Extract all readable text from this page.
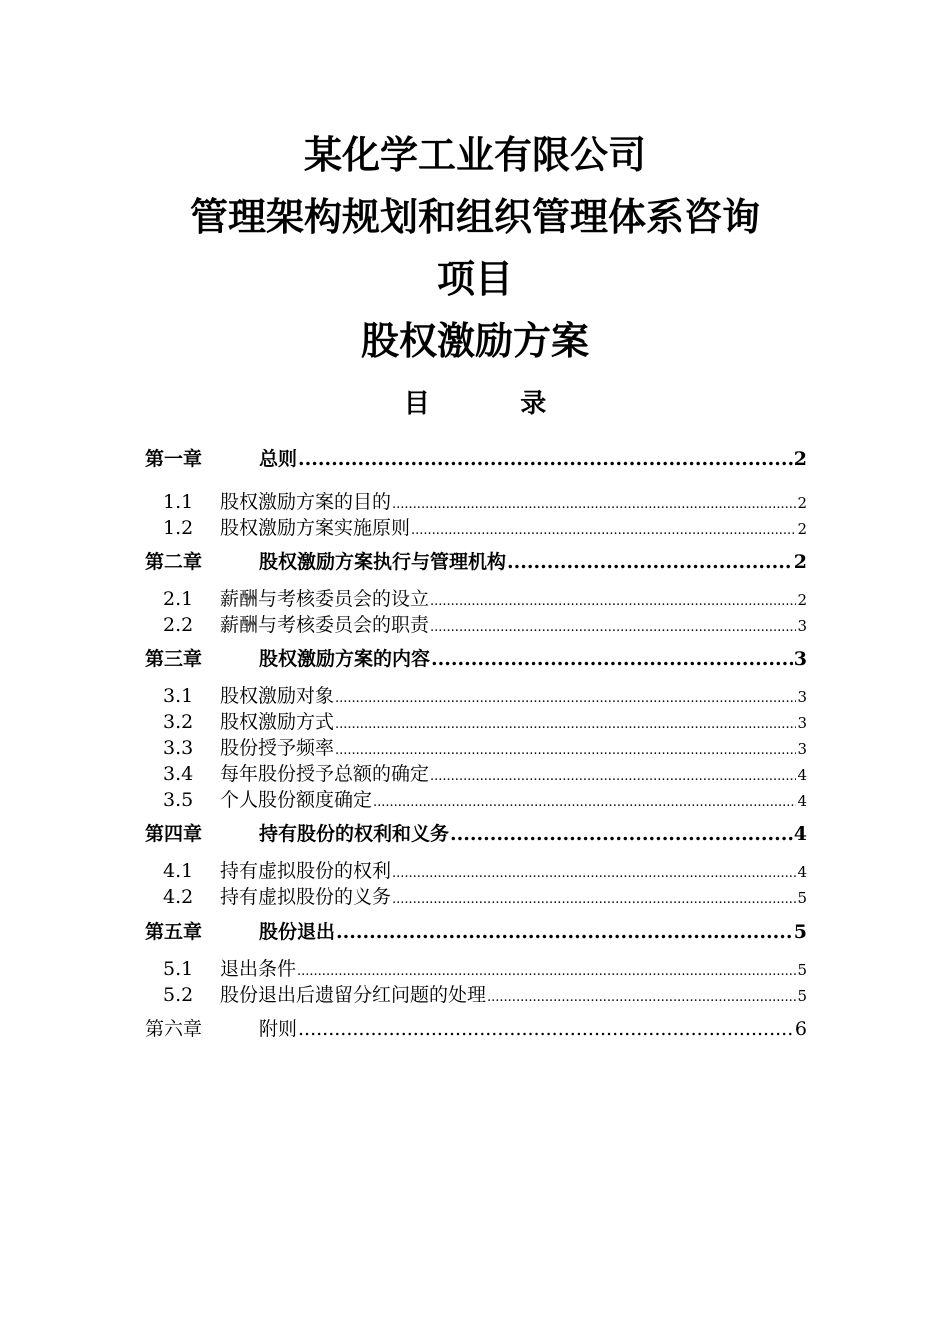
某化学工业有限公司
管理架构规划和组织管理体系咨询
项目
股权激励方案
目          录
第一章	总则 .....	2
1.1	股权激励方案的目的 .....	2
1.2	股权激励方案实施原则 .....	2
第二章	股权激励方案执行与管理机构 .....	2
2.1	薪酬与考核委员会的设立 .....	2
2.2	薪酬与考核委员会的职责 .....	3
第三章	股权激励方案的内容 .....	3
3.1	股权激励对象 .....	3
3.2	股权激励方式 .....	3
3.3	股份授予频率 .....	3
3.4	每年股份授予总额的确定 .....	4
3.5	个人股份额度确定 .....	4
第四章	持有股份的权利和义务 .....	4
4.1	持有虚拟股份的权利 .....	4
4.2	持有虚拟股份的义务 .....	5
第五章	股份退出 .....	5
5.1	退出条件 .....	5
5.2	股份退出后遗留分红问题的处理 .....	5
第六章	附则 .....	6
